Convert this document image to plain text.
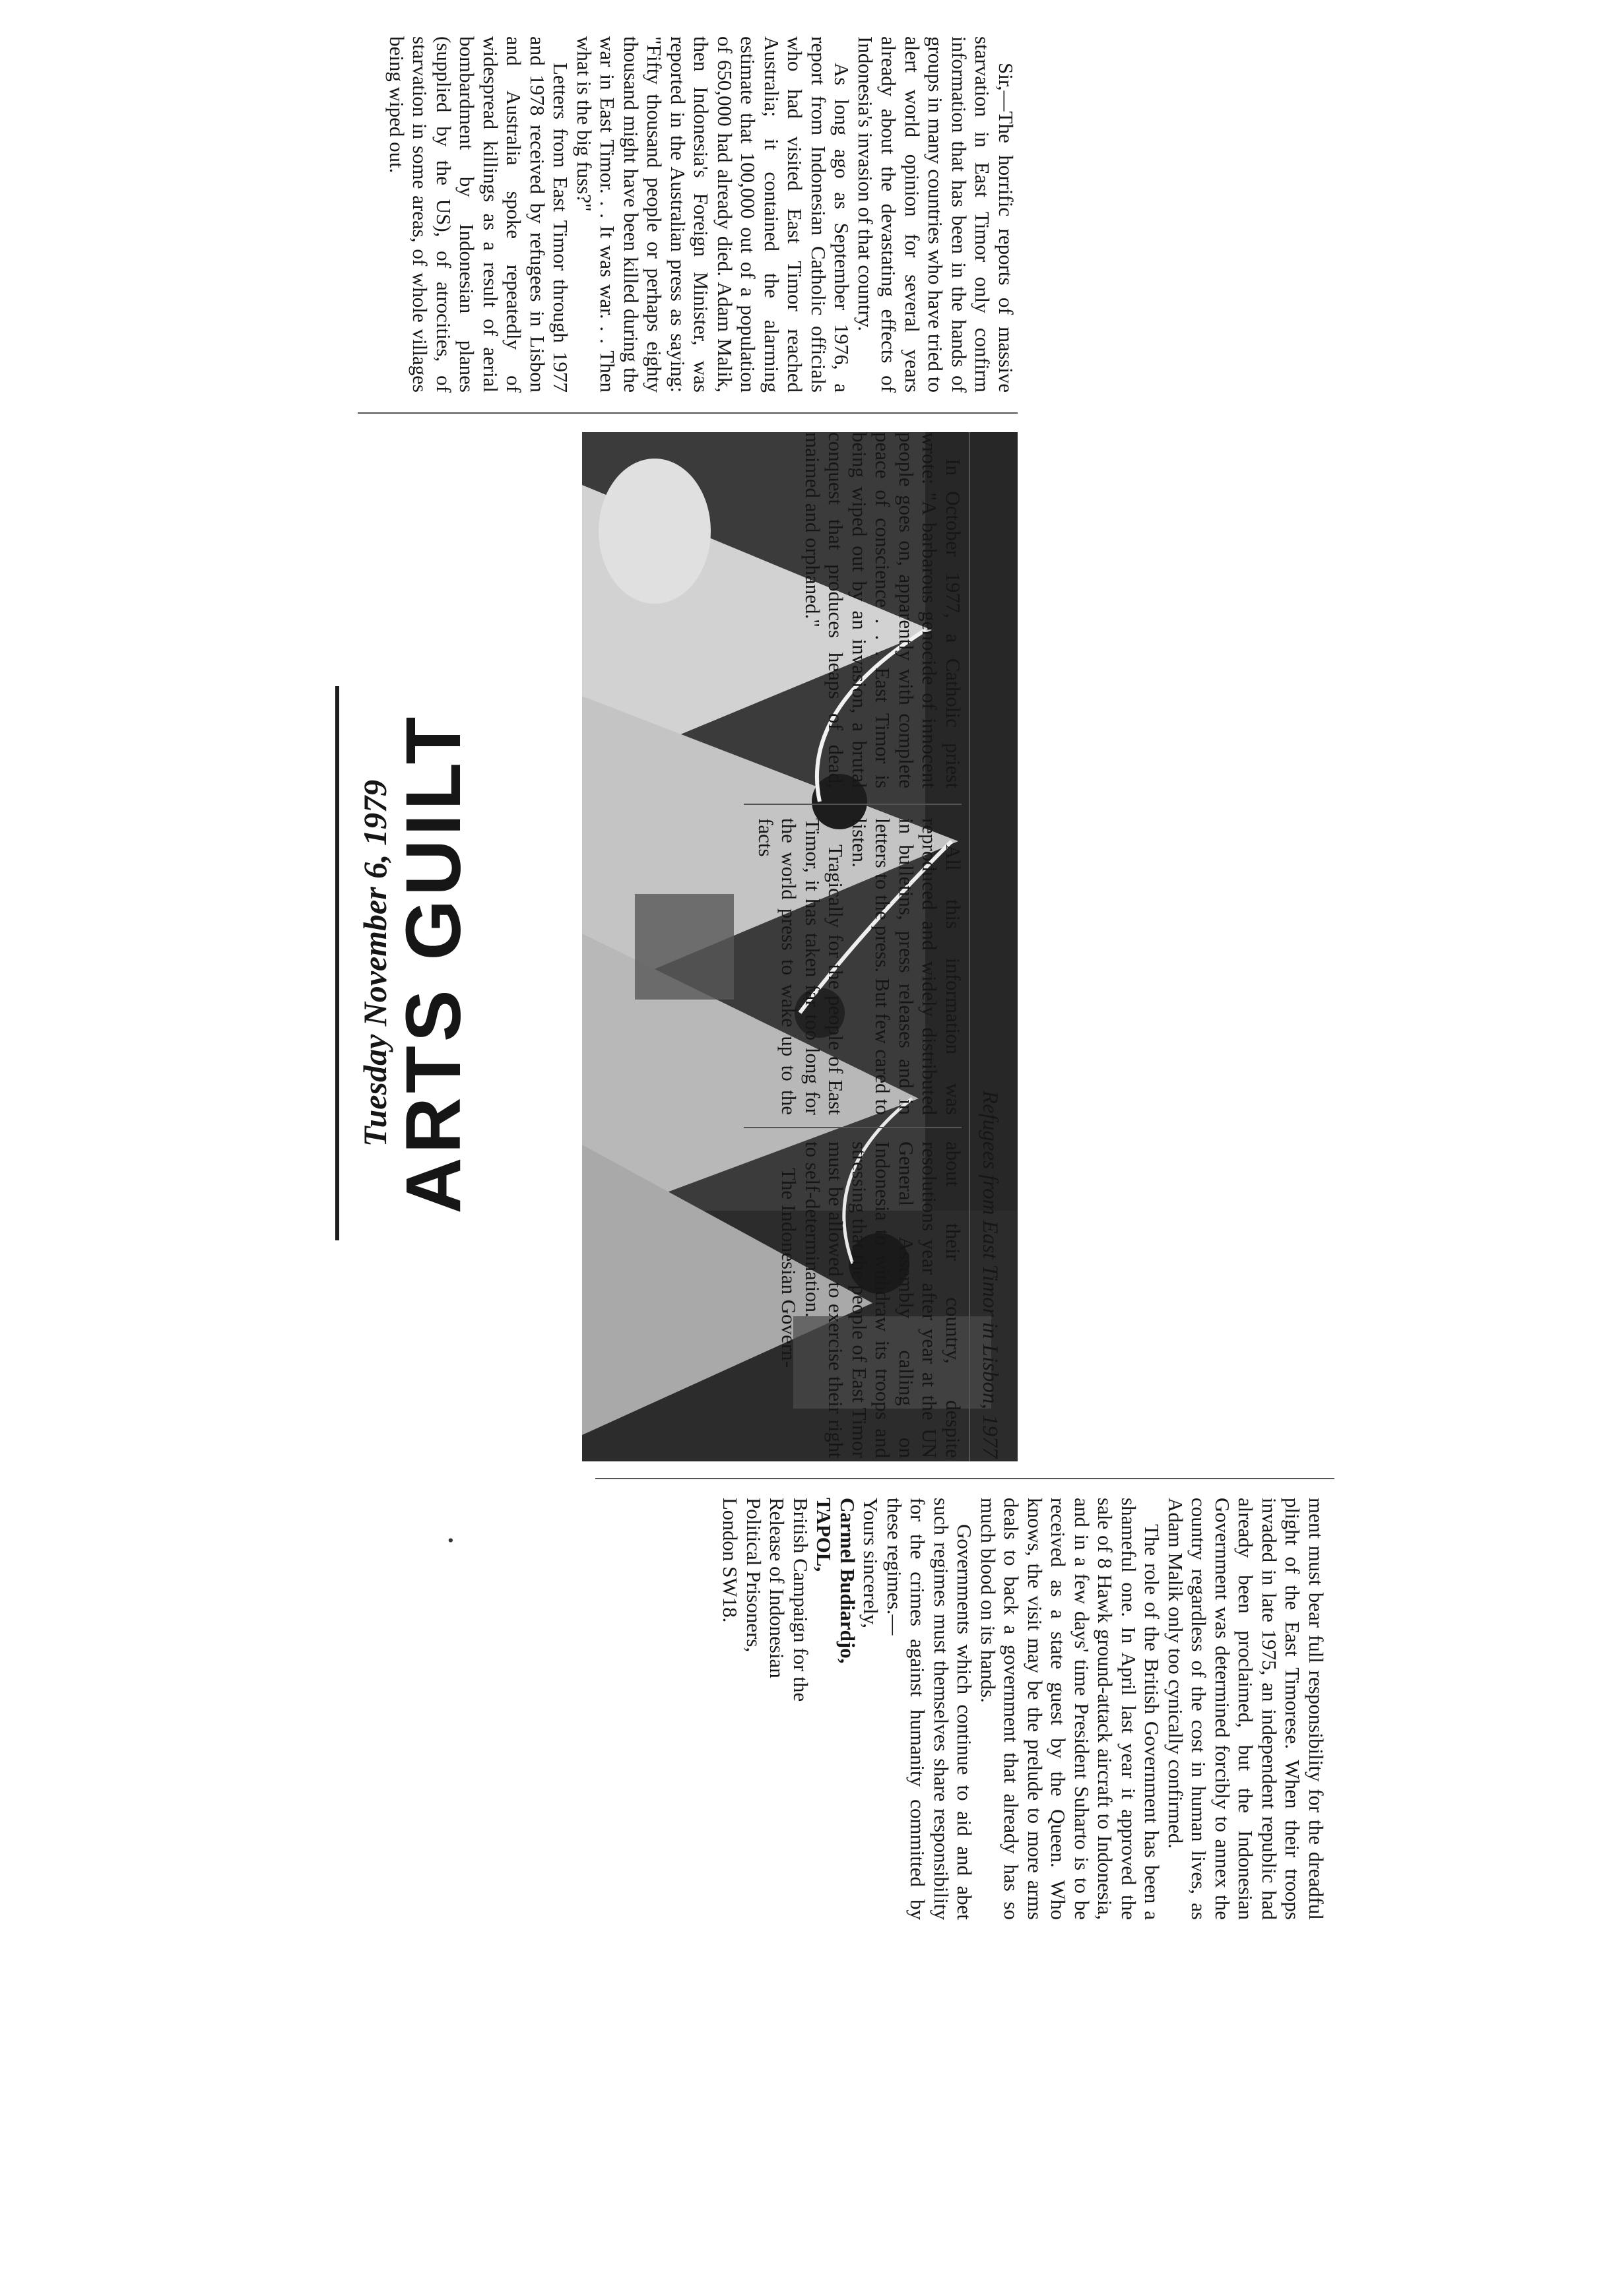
ARTS GUILT
Tuesday November 6, 1979

Sir,—The horrific reports of massive starvation in East Timor only confirm information that has been in the hands of groups in many countries who have tried to alert world opinion for several years already about the devastating effects of Indonesia's invasion of that country.

As long ago as September 1976, a report from Indonesian Catholic officials who had visited East Timor reached Australia; it contained the alarming estimate that 100,000 out of a population of 650,000 had already died. Adam Malik, then Indonesia's Foreign Minister, was reported in the Australian press as saying: "Fifty thousand people or perhaps eighty thousand might have been killed during the war in East Timor. . . It was war. . . Then what is the big fuss?"

Letters from East Timor through 1977 and 1978 received by refugees in Lisbon and Australia spoke repeatedly of widespread killings as a result of aerial bombardment by Indonesian planes (supplied by the US), of atrocities, of starvation in some areas, of whole villages being wiped out.

Refugees from East Timor in Lisbon, 1977

In October 1977, a Catholic priest wrote: "A barbarous genocide of innocent people goes on, apparently with complete peace of conscience . . . East Timor is being wiped out by an invasion, a brutal conquest that produces heaps of dead, maimed and orphaned."

All this information was reproduced and widely distributed in bulletins, press releases and in letters to the press. But few cared to listen.

Tragically for the people of East Timor, it has taken far too long for the world press to wake up to the facts

about their country, despite resolutions year after year at the UN General Assembly calling on Indonesia to withdraw its troops and stressing that the people of East Timor must be allowed to exercise their right to self-determination.

The Indonesian Govern-

ment must bear full responsibility for the dreadful plight of the East Timorese. When their troops invaded in late 1975, an independent republic had already been proclaimed, but the Indonesian Government was determined forcibly to annex the country regardless of the cost in human lives, as Adam Malik only too cynically confirmed.

The role of the British Government has been a shameful one. In April last year it approved the sale of 8 Hawk ground-attack aircraft to Indonesia, and in a few days' time President Suharto is to be received as a state guest by the Queen. Who knows, the visit may be the prelude to more arms deals to back a government that already has so much blood on its hands.

Governments which continue to aid and abet such regimes must themselves share responsibility for the crimes against humanity committed by these regimes.—

Yours sincerely,

Carmel Budiardjo,

TAPOL,

British Campaign for the

Release of Indonesian

Political Prisoners,

London SW18.

•
